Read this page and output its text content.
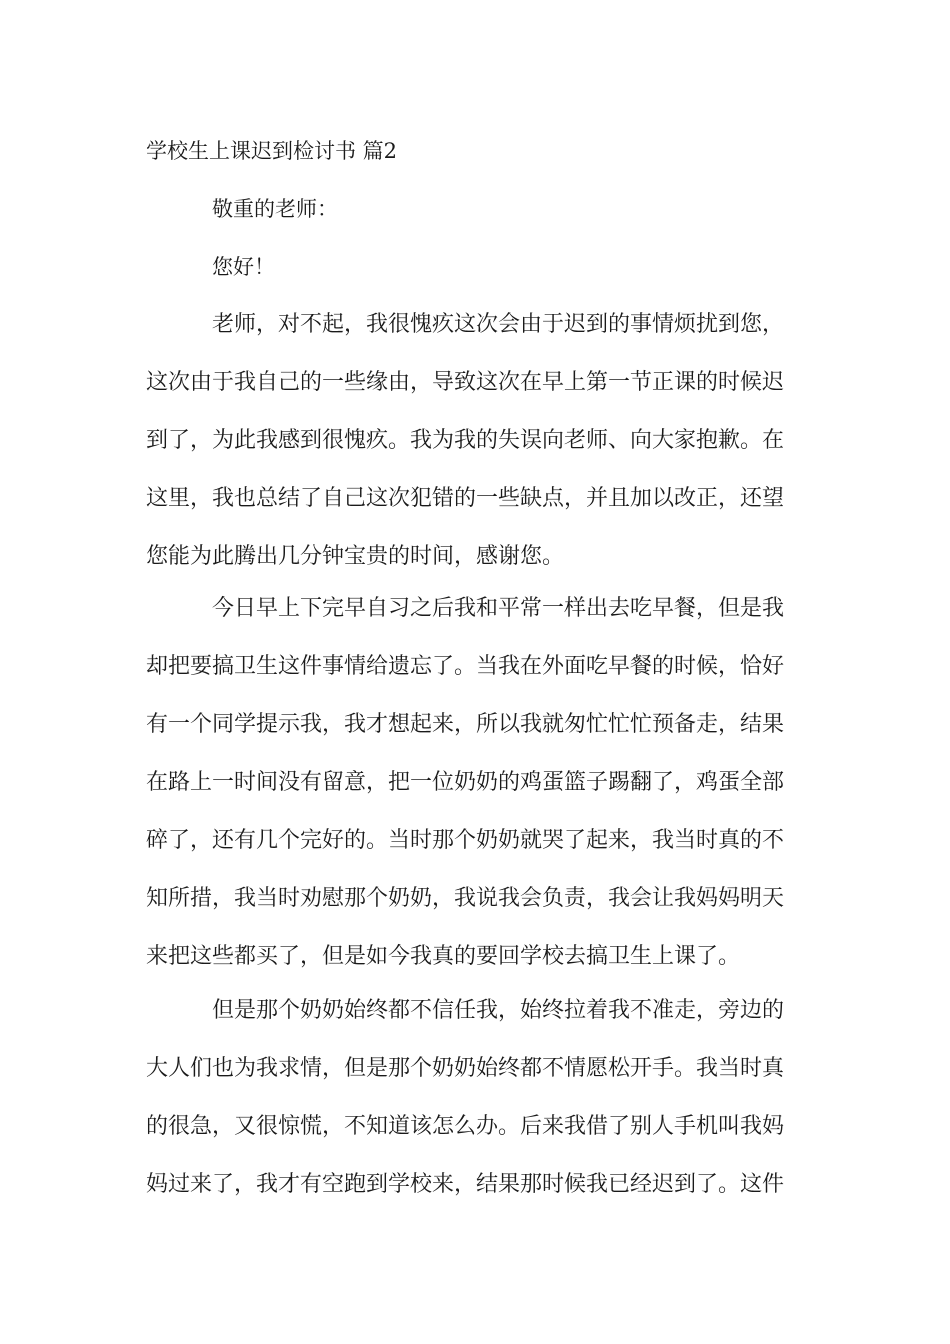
学校生上课迟到检讨书 篇2
敬重的老师：
您好！
老师，对不起，我很愧疚这次会由于迟到的事情烦扰到您，
这次由于我自己的一些缘由，导致这次在早上第一节正课的时候迟
到了，为此我感到很愧疚。我为我的失误向老师、向大家抱歉。在
这里，我也总结了自己这次犯错的一些缺点，并且加以改正，还望
您能为此腾出几分钟宝贵的时间，感谢您。
今日早上下完早自习之后我和平常一样出去吃早餐，但是我
却把要搞卫生这件事情给遗忘了。当我在外面吃早餐的时候，恰好
有一个同学提示我，我才想起来，所以我就匆忙忙忙预备走，结果
在路上一时间没有留意，把一位奶奶的鸡蛋篮子踢翻了，鸡蛋全部
碎了，还有几个完好的。当时那个奶奶就哭了起来，我当时真的不
知所措，我当时劝慰那个奶奶，我说我会负责，我会让我妈妈明天
来把这些都买了，但是如今我真的要回学校去搞卫生上课了。
但是那个奶奶始终都不信任我，始终拉着我不准走，旁边的
大人们也为我求情，但是那个奶奶始终都不情愿松开手。我当时真
的很急，又很惊慌，不知道该怎么办。后来我借了别人手机叫我妈
妈过来了，我才有空跑到学校来，结果那时候我已经迟到了。这件
